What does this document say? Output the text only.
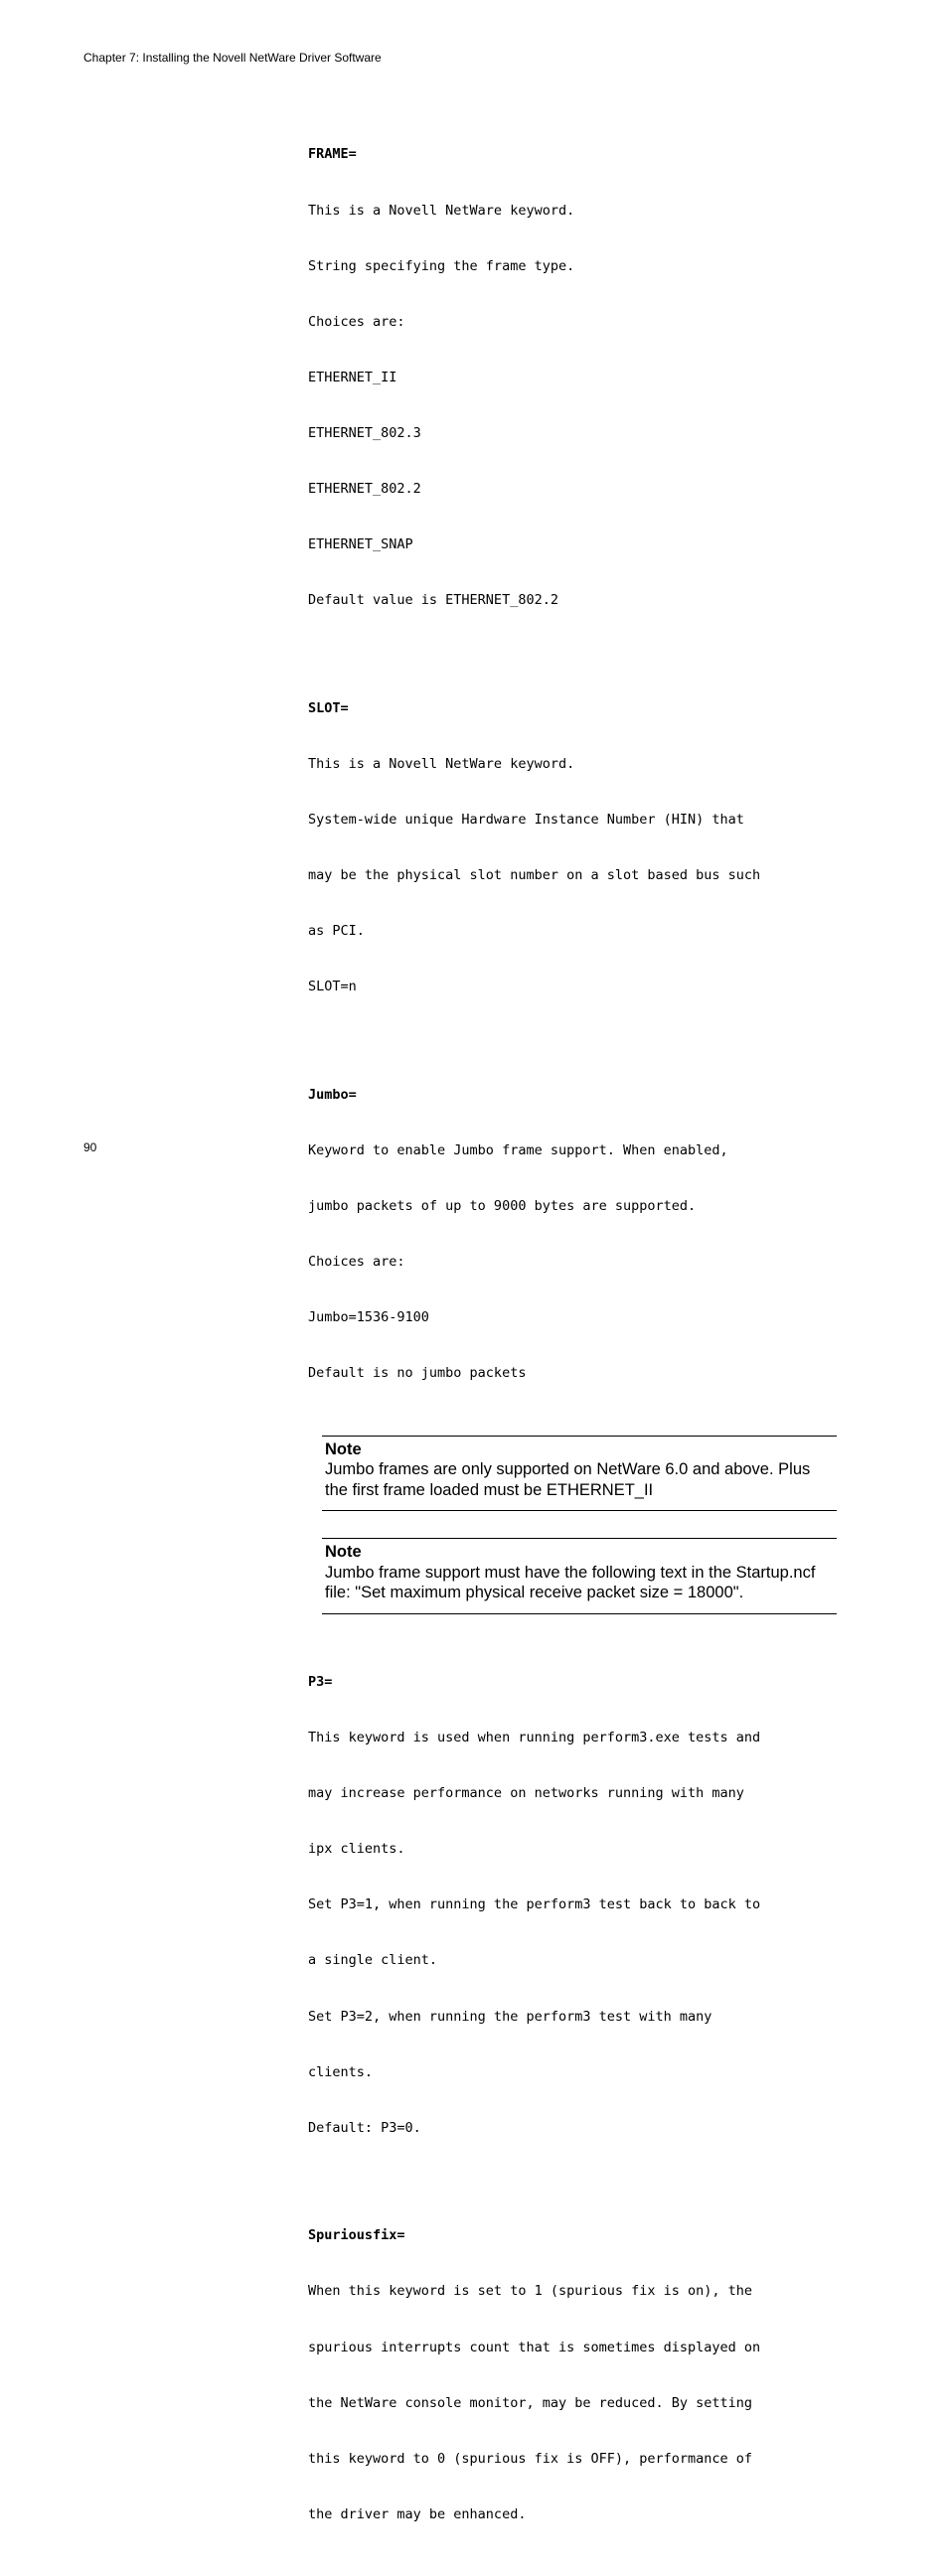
Chapter 7: Installing the Novell NetWare Driver Software

FRAME=

This is a Novell NetWare keyword.

String specifying the frame type.

Choices are:

ETHERNET_II

ETHERNET_802.3

ETHERNET_802.2

ETHERNET_SNAP

Default value is ETHERNET_802.2

SLOT=

This is a Novell NetWare keyword.

System-wide unique Hardware Instance Number (HIN) that

may be the physical slot number on a slot based bus such

as PCI.

SLOT=n

Jumbo=

Keyword to enable Jumbo frame support. When enabled,

jumbo packets of up to 9000 bytes are supported.

Choices are:

Jumbo=1536-9100

Default is no jumbo packets

Note
Jumbo frames are only supported on NetWare 6.0 and above. Plus
the first frame loaded must be ETHERNET_II
Note
Jumbo frame support must have the following text in the Startup.ncf
file: "Set maximum physical receive packet size = 18000".

P3=

This keyword is used when running perform3.exe tests and

may increase performance on networks running with many

ipx clients.

Set P3=1, when running the perform3 test back to back to

a single client.

Set P3=2, when running the perform3 test with many

clients.

Default: P3=0.

Spuriousfix=

When this keyword is set to 1 (spurious fix is on), the

spurious interrupts count that is sometimes displayed on

the NetWare console monitor, may be reduced. By setting

this keyword to 0 (spurious fix is OFF), performance of

the driver may be enhanced.

90
